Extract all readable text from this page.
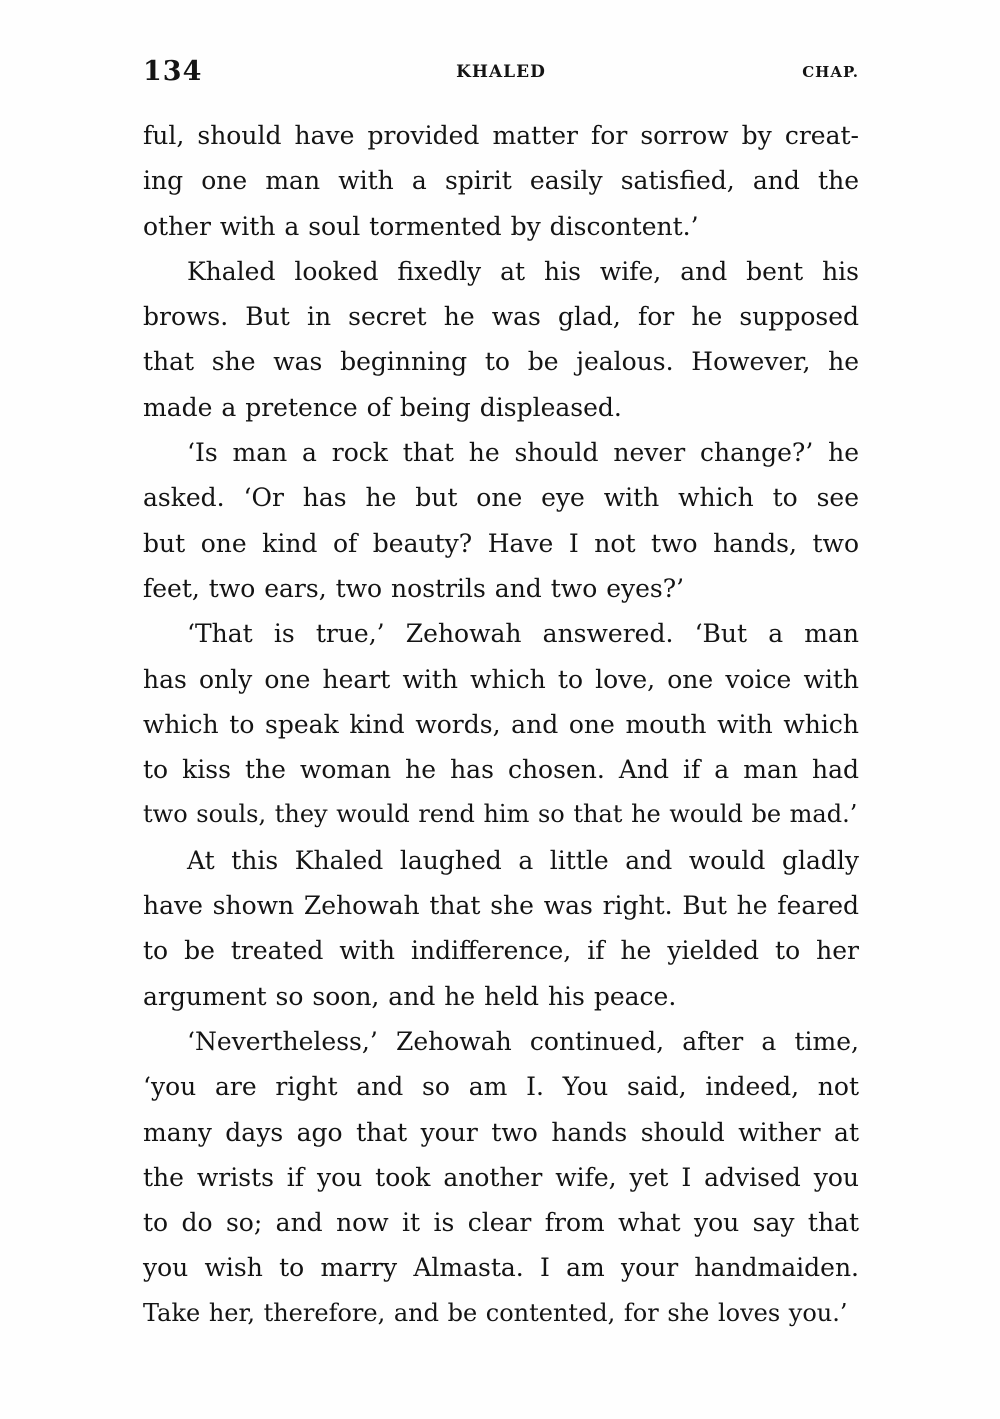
134	KHALED	CHAP.

ful, should have provided matter for sorrow by creat-
ing one man with a spirit easily satisfied, and the
other with a soul tormented by discontent.’

Khaled looked fixedly at his wife, and bent his
brows. But in secret he was glad, for he supposed
that she was beginning to be jealous. However, he
made a pretence of being displeased.

‘Is man a rock that he should never change?’ he
asked. ‘Or has he but one eye with which to see
but one kind of beauty? Have I not two hands, two
feet, two ears, two nostrils and two eyes?’

‘That is true,’ Zehowah answered. ‘But a man
has only one heart with which to love, one voice with
which to speak kind words, and one mouth with which
to kiss the woman he has chosen. And if a man had
two souls, they would rend him so that he would be mad.’

At this Khaled laughed a little and would gladly
have shown Zehowah that she was right. But he feared
to be treated with indifference, if he yielded to her
argument so soon, and he held his peace.

‘Nevertheless,’ Zehowah continued, after a time,
‘you are right and so am I. You said, indeed, not
many days ago that your two hands should wither at
the wrists if you took another wife, yet I advised you
to do so; and now it is clear from what you say that
you wish to marry Almasta. I am your handmaiden.
Take her, therefore, and be contented, for she loves you.’
